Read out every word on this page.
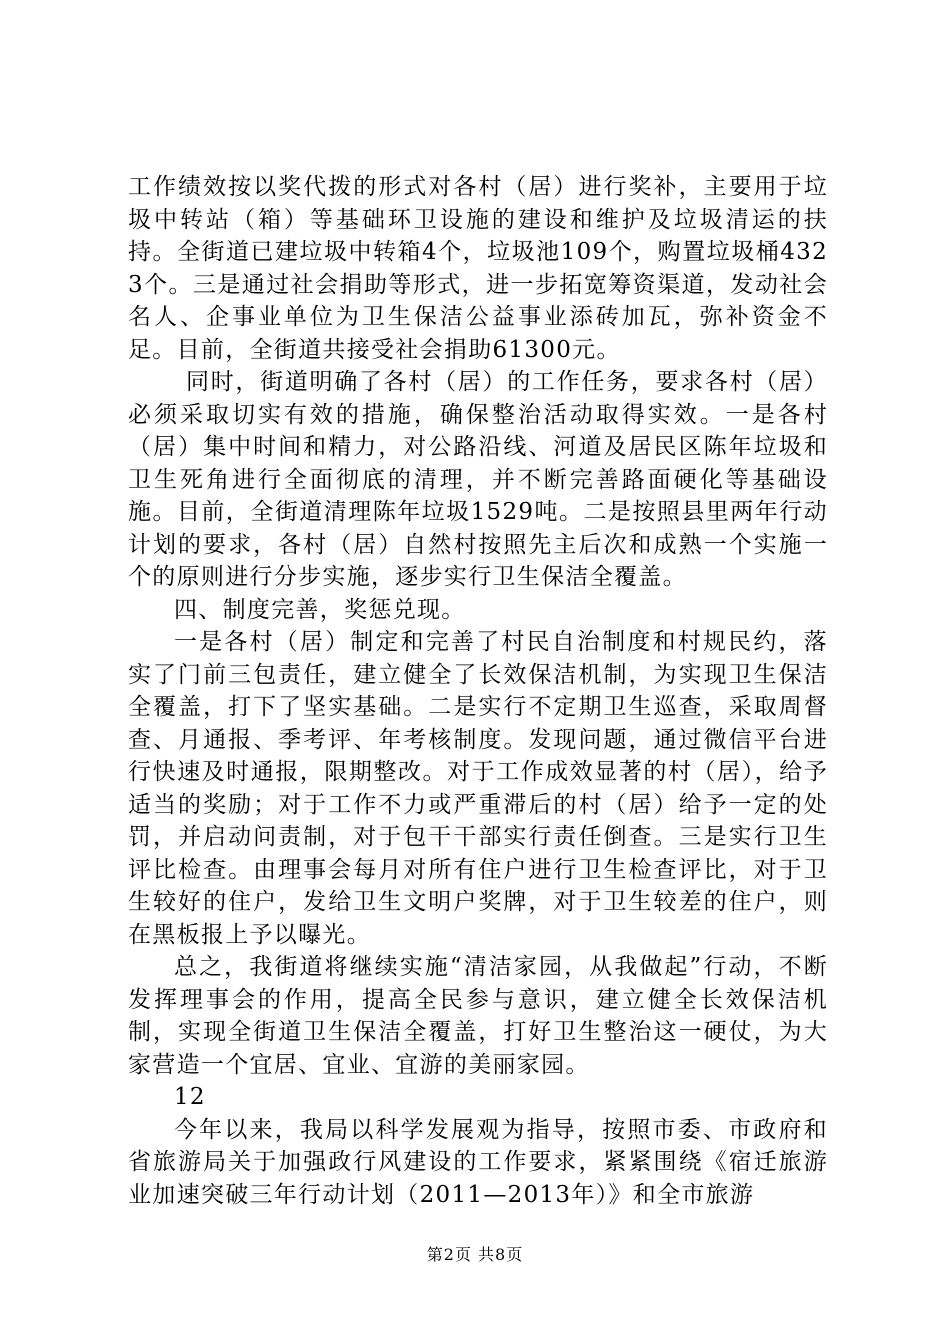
工作绩效按以奖代拨的形式对各村（居）进行奖补，主要用于垃圾中转站（箱）等基础环卫设施的建设和维护及垃圾清运的扶持。全街道已建垃圾中转箱4个，垃圾池109个，购置垃圾桶4323个。三是通过社会捐助等形式，进一步拓宽筹资渠道，发动社会名人、企事业单位为卫生保洁公益事业添砖加瓦，弥补资金不足。目前，全街道共接受社会捐助61300元。

同时，街道明确了各村（居）的工作任务，要求各村（居）必须采取切实有效的措施，确保整治活动取得实效。一是各村（居）集中时间和精力，对公路沿线、河道及居民区陈年垃圾和卫生死角进行全面彻底的清理，并不断完善路面硬化等基础设施。目前，全街道清理陈年垃圾1529吨。二是按照县里两年行动计划的要求，各村（居）自然村按照先主后次和成熟一个实施一个的原则进行分步实施，逐步实行卫生保洁全覆盖。

四、制度完善，奖惩兑现。

一是各村（居）制定和完善了村民自治制度和村规民约，落实了门前三包责任，建立健全了长效保洁机制，为实现卫生保洁全覆盖，打下了坚实基础。二是实行不定期卫生巡查，采取周督查、月通报、季考评、年考核制度。发现问题，通过微信平台进行快速及时通报，限期整改。对于工作成效显著的村（居），给予适当的奖励；对于工作不力或严重滞后的村（居）给予一定的处罚，并启动问责制，对于包干干部实行责任倒查。三是实行卫生评比检查。由理事会每月对所有住户进行卫生检查评比，对于卫生较好的住户，发给卫生文明户奖牌，对于卫生较差的住户，则在黑板报上予以曝光。

总之，我街道将继续实施“清洁家园，从我做起”行动，不断发挥理事会的作用，提高全民参与意识，建立健全长效保洁机制，实现全街道卫生保洁全覆盖，打好卫生整治这一硬仗，为大家营造一个宜居、宜业、宜游的美丽家园。

12

今年以来，我局以科学发展观为指导，按照市委、市政府和省旅游局关于加强政行风建设的工作要求，紧紧围绕《宿迁旅游业加速突破三年行动计划（2011—2013年）》和全市旅游

第2页 共8页
